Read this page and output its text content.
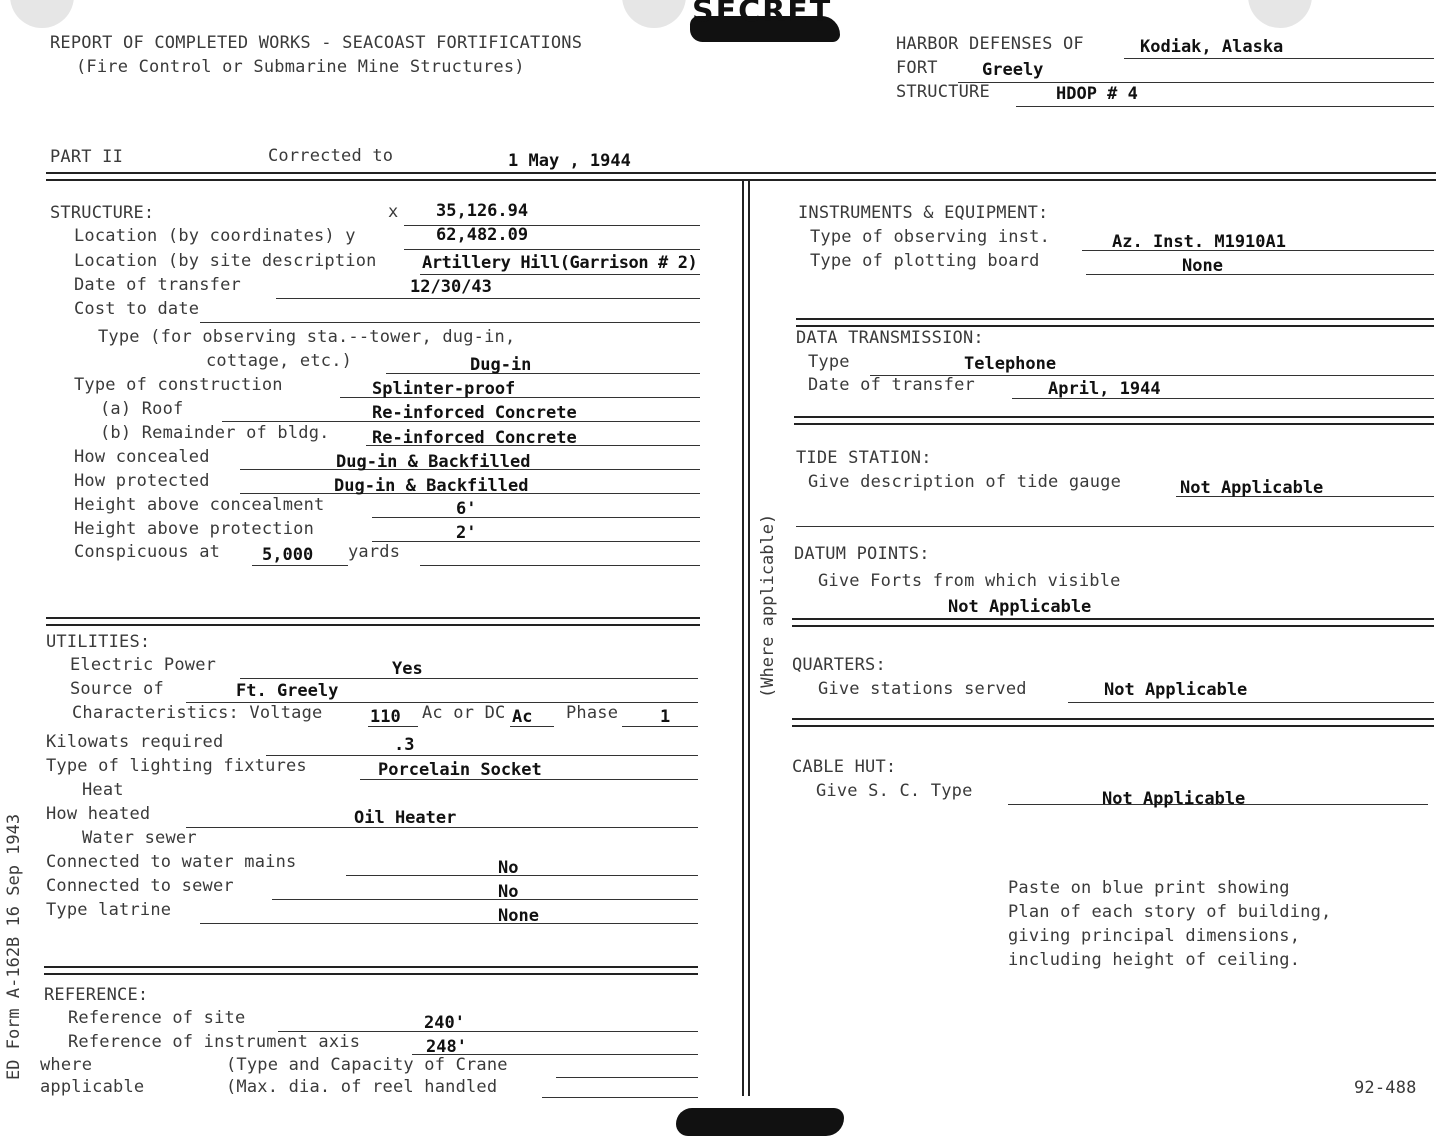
SECRET
REPORT OF COMPLETED WORKS - SEACOAST FORTIFICATIONS
(Fire Control or Submarine Mine Structures)
HARBOR DEFENSES OF	Kodiak, Alaska
FORT	Greely
STRUCTURE	HDOP # 4
PART II	Corrected to	1 May , 1944
(Where applicable)
ED Form A-162B 16 Sep 1943
STRUCTURE:	x 35,126.94
Location (by coordinates) y	62,482.09
Location (by site description	Artillery Hill(Garrison # 2)
Date of transfer	12/30/43
Cost to date
Type (for observing sta.--tower, dug-in,
cottage, etc.)	Dug-in
Type of construction	Splinter-proof
(a) Roof	Re-inforced Concrete
(b) Remainder of bldg. Re-inforced Concrete
How concealed	Dug-in & Backfilled
How protected	Dug-in & Backfilled
Height above concealment	6'
Height above protection	2'
Conspicuous at 5,000 yards
UTILITIES:
Electric Power	Yes
Source of	Ft. Greely
Characteristics: Voltage	110 Ac or DC Ac Phase 1
Kilowats required	.3
Type of lighting fixtures	Porcelain Socket
Heat
How heated	Oil Heater
Water sewer
Connected to water mains	No
Connected to sewer	No
Type latrine	None
REFERENCE:
Reference of site	240'
Reference of instrument axis	248'
where
applicable
(Type and Capacity of Crane
(Max. dia. of reel handled
INSTRUMENTS & EQUIPMENT:
Type of observing inst.	Az. Inst. M1910A1
Type of plotting board	None
DATA TRANSMISSION:
Type	Telephone
Date of transfer	April, 1944
TIDE STATION:
Give description of tide gauge	Not Applicable
DATUM POINTS:
Give Forts from which visible
Not Applicable
QUARTERS:
Give stations served	Not Applicable
CABLE HUT:
Give S. C. Type	Not Applicable
Paste on blue print showing
Plan of each story of building,
giving principal dimensions,
including height of ceiling.
92-488
